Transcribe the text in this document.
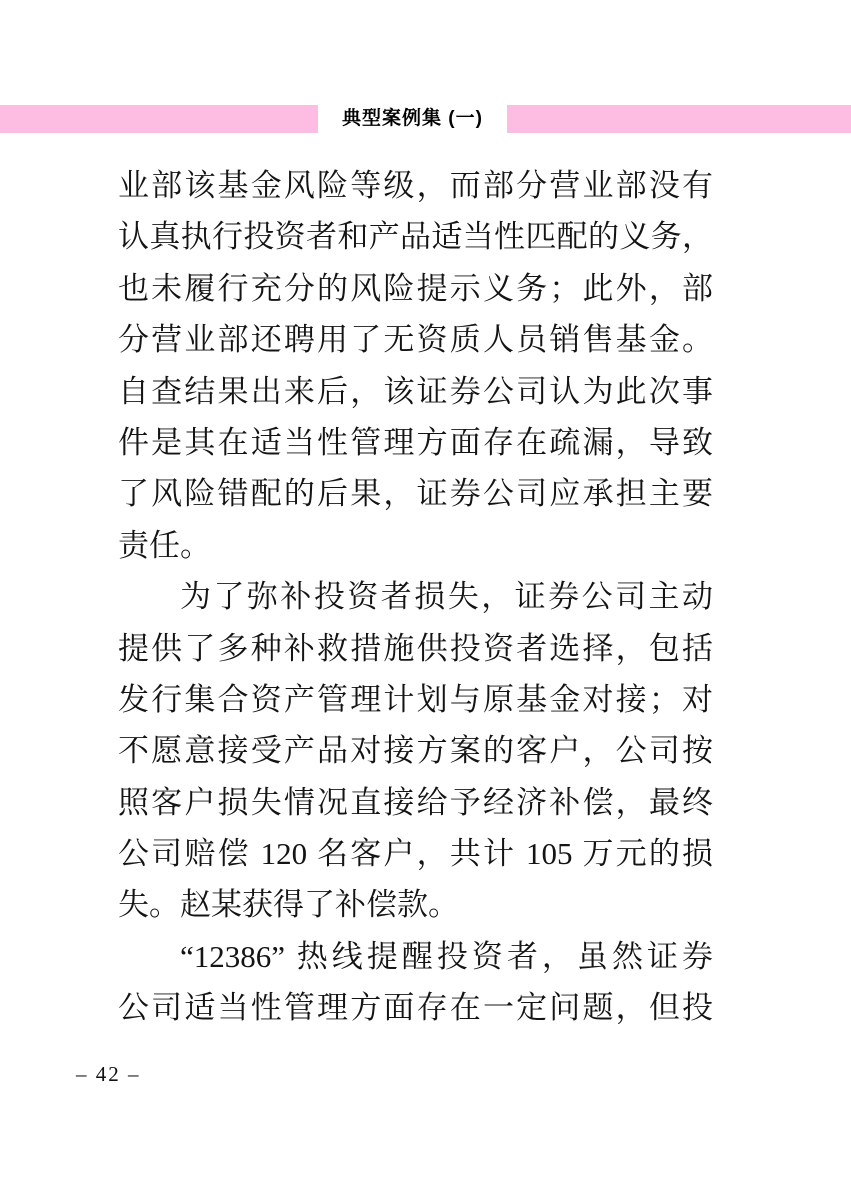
典型案例集 (一)
业部该基金风险等级，而部分营业部没有
认真执行投资者和产品适当性匹配的义务，
也未履行充分的风险提示义务；此外，部
分营业部还聘用了无资质人员销售基金。
自查结果出来后，该证券公司认为此次事
件是其在适当性管理方面存在疏漏，导致
了风险错配的后果，证券公司应承担主要
责任。
为了弥补投资者损失，证券公司主动
提供了多种补救措施供投资者选择，包括
发行集合资产管理计划与原基金对接；对
不愿意接受产品对接方案的客户，公司按
照客户损失情况直接给予经济补偿，最终
公司赔偿 120 名客户，共计 105 万元的损
失。赵某获得了补偿款。
“12386” 热线提醒投资者，虽然证券
公司适当性管理方面存在一定问题，但投
– 42 –
